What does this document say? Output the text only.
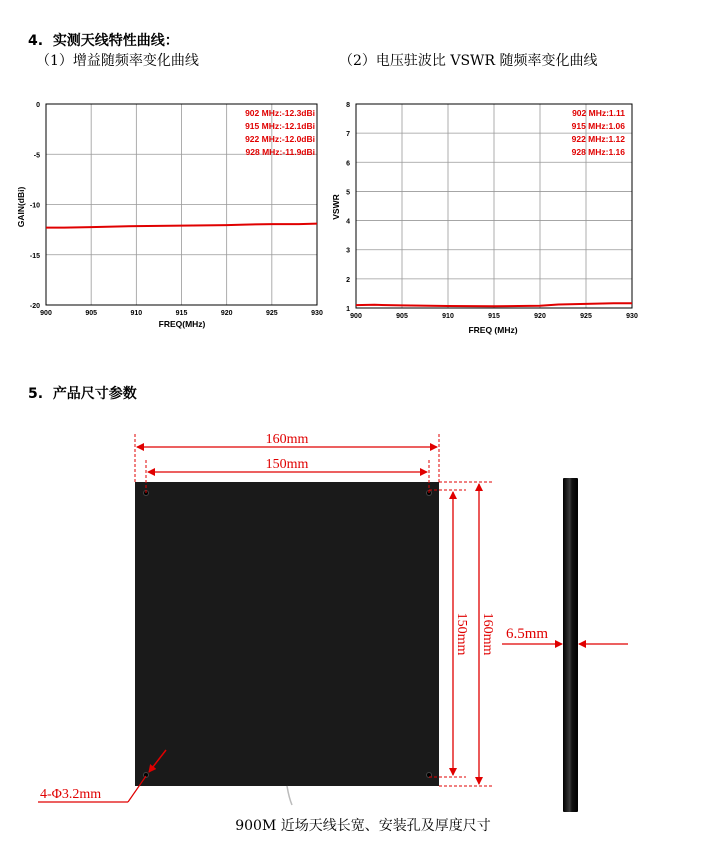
4. 实测天线特性曲线：
（1）增益随频率变化曲线	（2）电压驻波比 VSWR 随频率变化曲线
900	905	910	915	920	925	930
0
-5
-10
-15
-20
902 MHz:-12.3dBi
915 MHz:-12.1dBi
922 MHz:-12.0dBi
928 MHz:-11.9dBi
FREQ(MHz)
GAIN(dBi)
900	905	910	915	920	925	930
8
7
6
5
4
3
2
1
902 MHz:1.11
915 MHz:1.06
922 MHz:1.12
928 MHz:1.16
FREQ (MHz)
VSWR
5. 产品尺寸参数
160mm
150mm
150mm 160mm 6.5mm
4-Φ3.2mm
900M 近场天线长宽、安装孔及厚度尺寸
